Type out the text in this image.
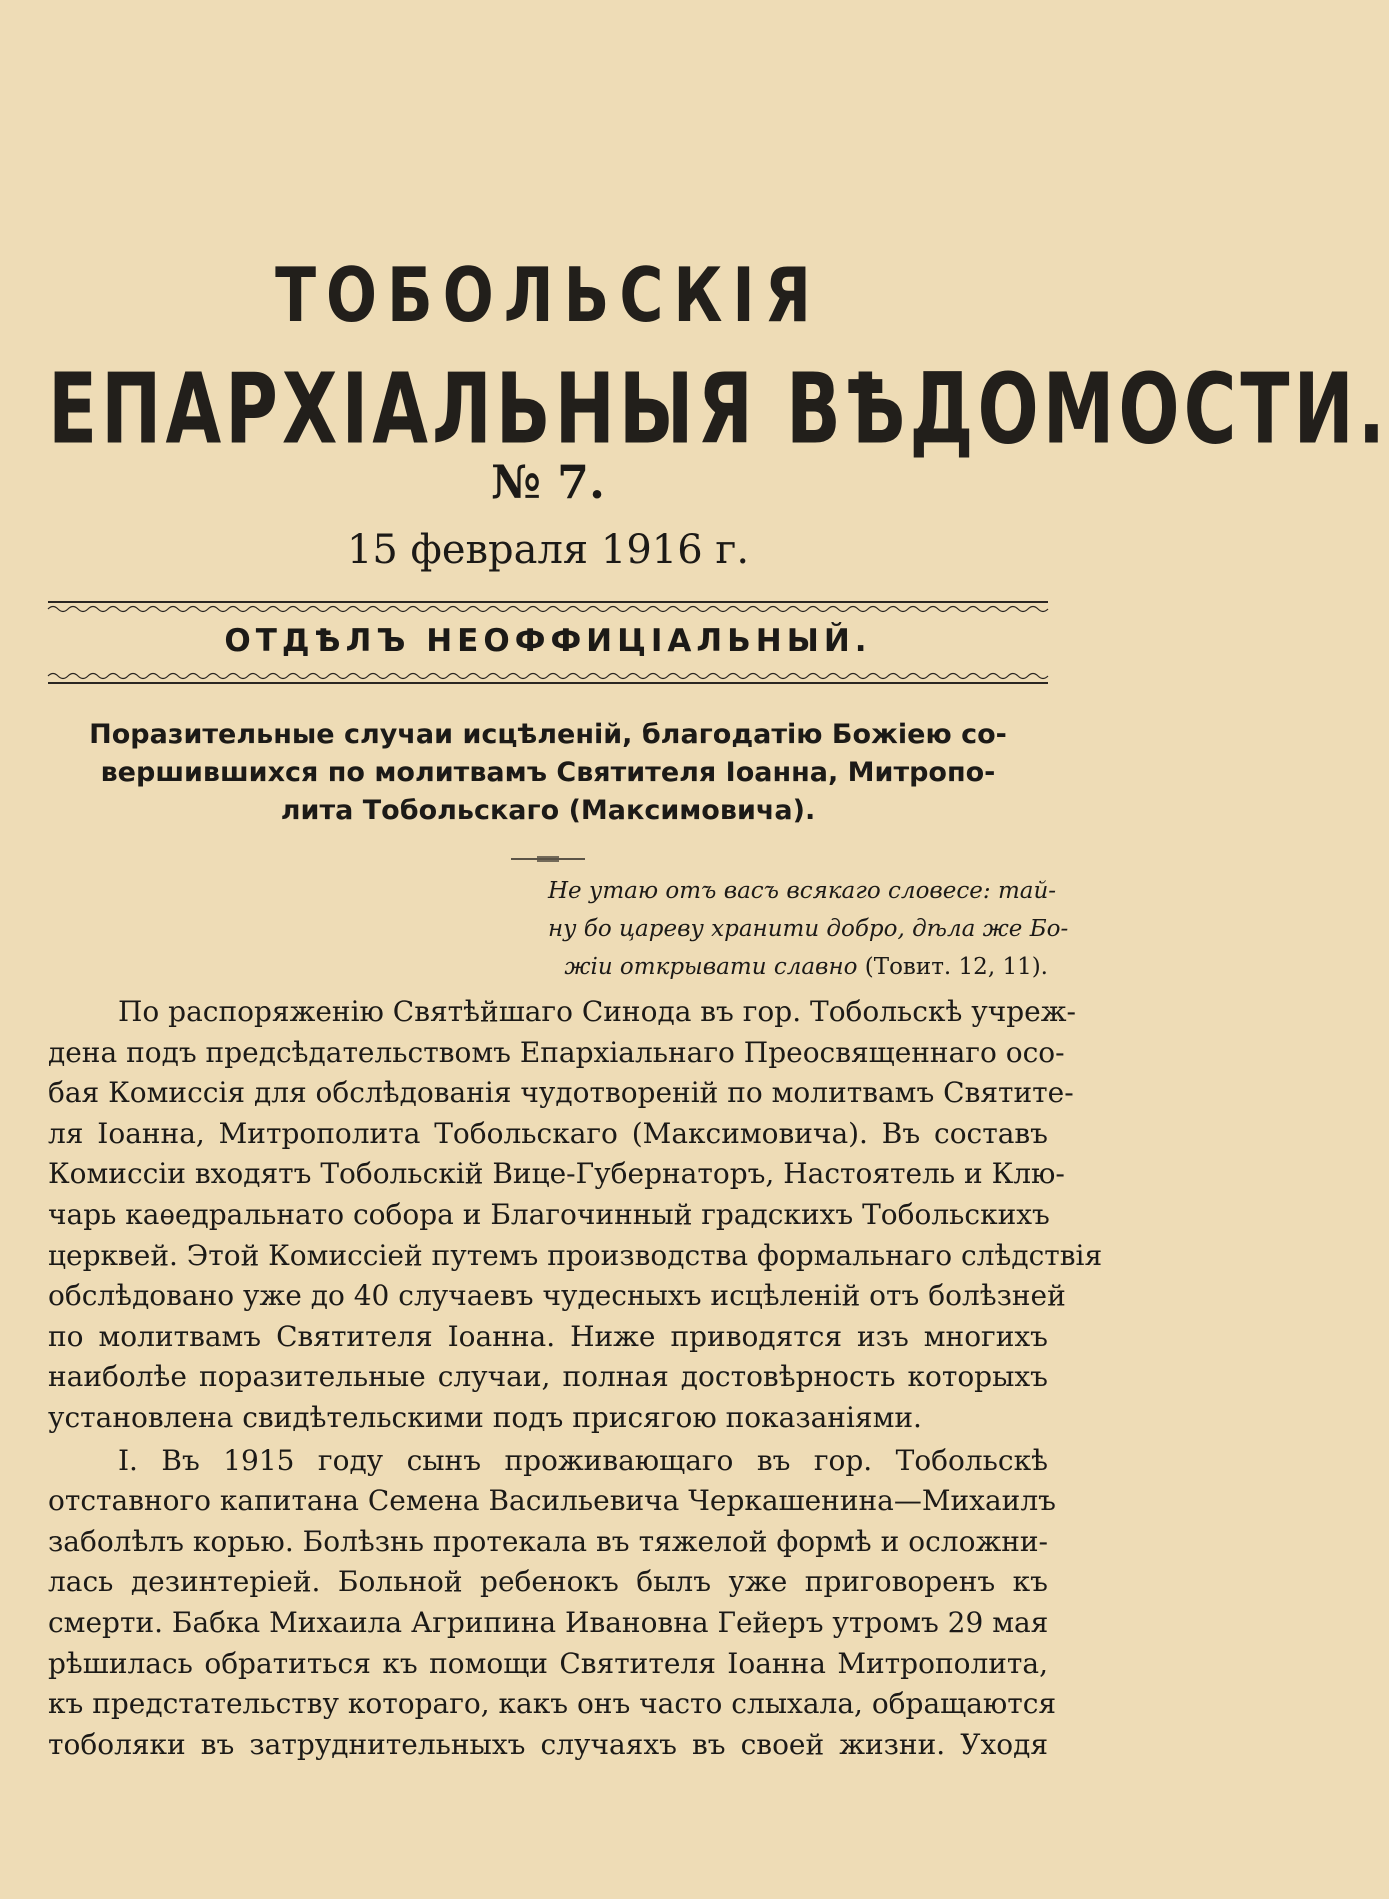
ТОБОЛЬСКІЯ
ЕПАРХІАЛЬНЫЯ ВѢДОМОСТИ.
№ 7.
15 февраля 1916 г.
ОТДѢЛЪ НЕОФФИЦІАЛЬНЫЙ.
Поразительные случаи исцѣленій, благодатію Божіею со-
вершившихся по молитвамъ Святителя Іоанна, Митропо-
лита Тобольскаго (Максимовича).
Не утаю отъ васъ всякаго словесе: тай-
ну бо цареву хранити добро, дѣла же Бо-
жіи открывати славно (Товит. 12, 11).
По распоряженію Святѣйшаго Синода въ гор. Тобольскѣ учреж-
дена подъ предсѣдательствомъ Епархіальнаго Преосвященнаго осо-
бая Комиссія для обслѣдованія чудотвореній по молитвамъ Святите-
ля Іоанна, Митрополита Тобольскаго (Максимовича). Въ составъ
Комиссіи входятъ Тобольскій Вице-Губернаторъ, Настоятель и Клю-
чарь каѳедральнато собора и Благочинный градскихъ Тобольскихъ
церквей. Этой Комиссіей путемъ производства формальнаго слѣдствія
обслѣдовано уже до 40 случаевъ чудесныхъ исцѣленій отъ болѣзней
по молитвамъ Святителя Іоанна. Ниже приводятся изъ многихъ
наиболѣе поразительные случаи, полная достовѣрность которыхъ
установлена свидѣтельскими подъ присягою показаніями.
I. Въ 1915 году сынъ проживающаго въ гор. Тобольскѣ
отставного капитана Семена Васильевича Черкашенина—Михаилъ
заболѣлъ корью. Болѣзнь протекала въ тяжелой формѣ и осложни-
лась дезинтеріей. Больной ребенокъ былъ уже приговоренъ къ
смерти. Бабка Михаила Агрипина Ивановна Гейеръ утромъ 29 мая
рѣшилась обратиться къ помощи Святителя Іоанна Митрополита,
къ предстательству котораго, какъ онъ часто слыхала, обращаются
тоболяки въ затруднительныхъ случаяхъ въ своей жизни. Уходя
